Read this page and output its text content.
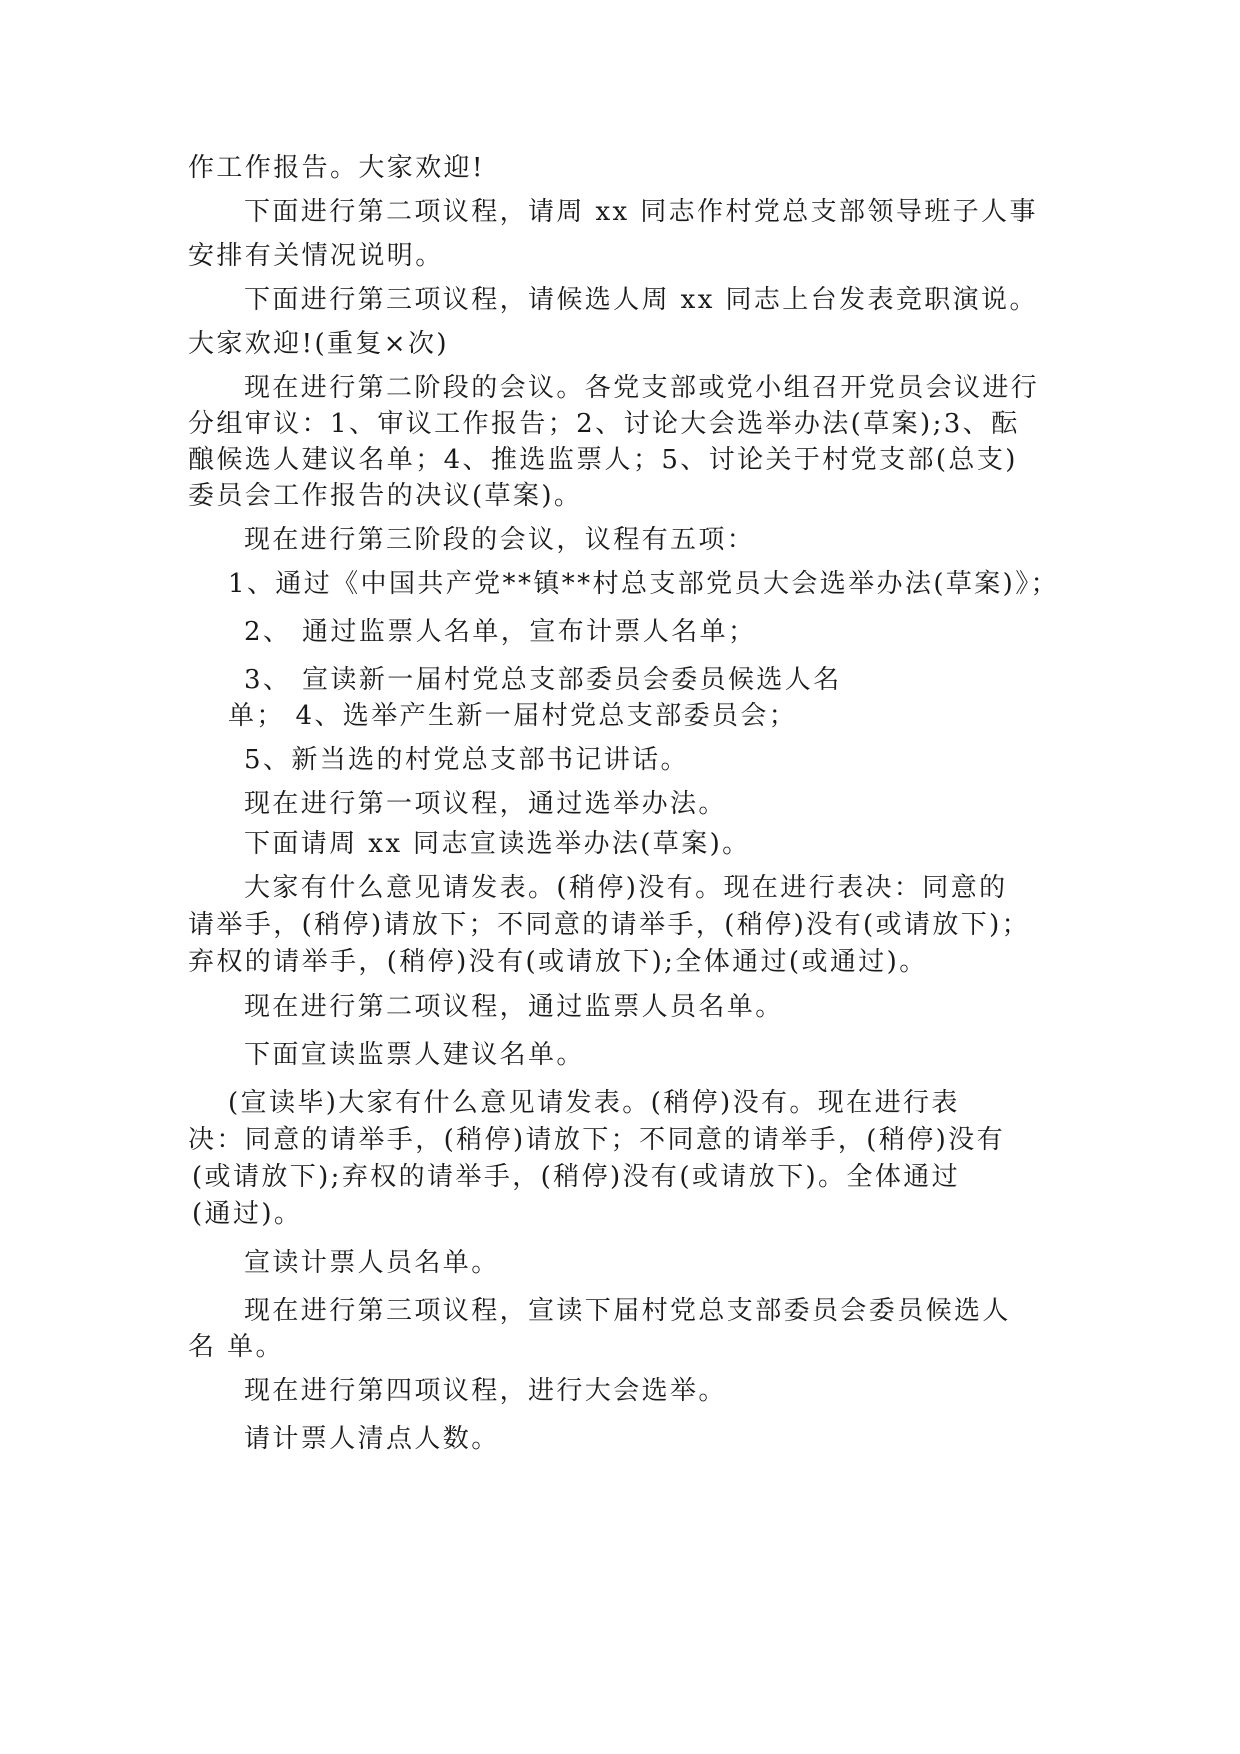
作工作报告。大家欢迎!

下面进行第二项议程，请周 xx 同志作村党总支部领导班子人事

安排有关情况说明。

下面进行第三项议程，请候选人周 xx 同志上台发表竞职演说。

大家欢迎!(重复×次)

现在进行第二阶段的会议。各党支部或党小组召开党员会议进行

分组审议：1、审议工作报告；2、讨论大会选举办法(草案);3、酝

酿候选人建议名单；4、推选监票人；5、讨论关于村党支部(总支)

委员会工作报告的决议(草案)。

现在进行第三阶段的会议，议程有五项：

1、通过《中国共产党**镇**村总支部党员大会选举办法(草案)》；

2、 通过监票人名单，宣布计票人名单；

3、 宣读新一届村党总支部委员会委员候选人名

单； 4、选举产生新一届村党总支部委员会；

5、新当选的村党总支部书记讲话。

现在进行第一项议程，通过选举办法。

下面请周 xx 同志宣读选举办法(草案)。

大家有什么意见请发表。(稍停)没有。现在进行表决：同意的

请举手，(稍停)请放下；不同意的请举手，(稍停)没有(或请放下)；

弃权的请举手，(稍停)没有(或请放下);全体通过(或通过)。

现在进行第二项议程，通过监票人员名单。

下面宣读监票人建议名单。

(宣读毕)大家有什么意见请发表。(稍停)没有。现在进行表

决：同意的请举手，(稍停)请放下；不同意的请举手，(稍停)没有

(或请放下);弃权的请举手，(稍停)没有(或请放下)。全体通过

(通过)。

宣读计票人员名单。

现在进行第三项议程，宣读下届村党总支部委员会委员候选人

名 单。

现在进行第四项议程，进行大会选举。

请计票人清点人数。
